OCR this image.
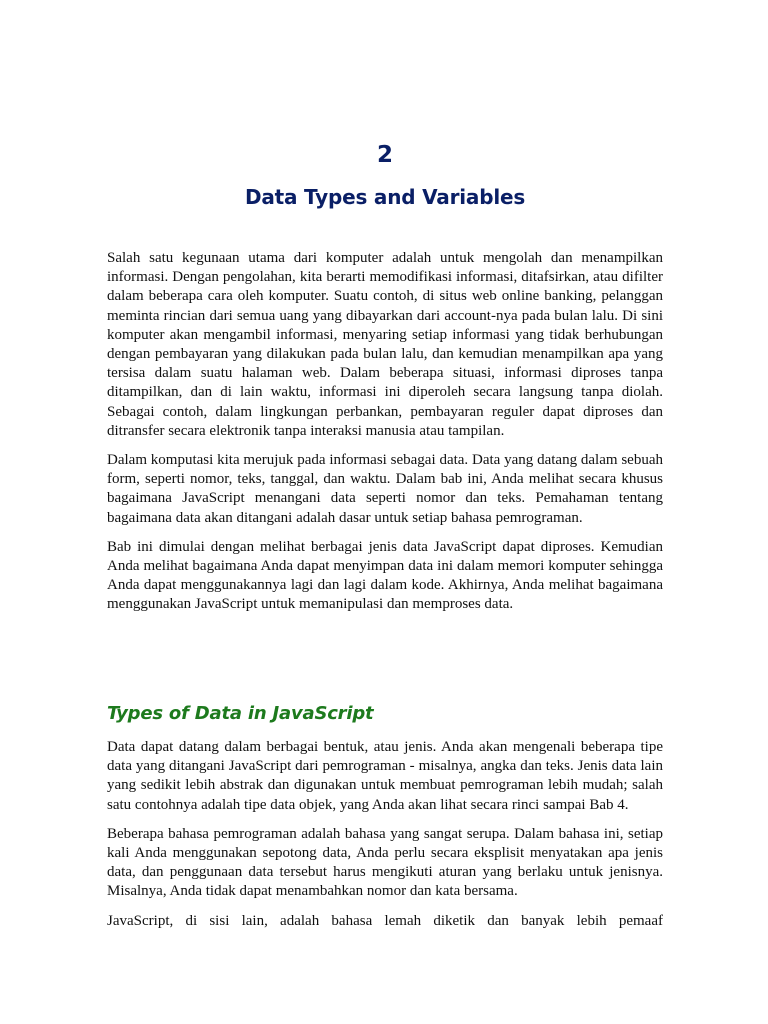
2
Data Types and Variables

Salah satu kegunaan utama dari komputer adalah untuk mengolah dan menampilkan informasi. Dengan pengolahan, kita berarti memodifikasi informasi, ditafsirkan, atau difilter dalam beberapa cara oleh komputer. Suatu contoh, di situs web online banking, pelanggan meminta rincian dari semua uang yang dibayarkan dari account-nya pada bulan lalu. Di sini komputer akan mengambil informasi, menyaring setiap informasi yang tidak berhubungan dengan pembayaran yang dilakukan pada bulan lalu, dan kemudian menampilkan apa yang tersisa dalam suatu halaman web. Dalam beberapa situasi, informasi diproses tanpa ditampilkan, dan di lain waktu, informasi ini diperoleh secara langsung tanpa diolah. Sebagai contoh, dalam lingkungan perbankan, pembayaran reguler dapat diproses dan ditransfer secara elektronik tanpa interaksi manusia atau tampilan.

Dalam komputasi kita merujuk pada informasi sebagai data. Data yang datang dalam sebuah form, seperti nomor, teks, tanggal, dan waktu. Dalam bab ini, Anda melihat secara khusus bagaimana JavaScript menangani data seperti nomor dan teks. Pemahaman tentang bagaimana data akan ditangani adalah dasar untuk setiap bahasa pemrograman.

Bab ini dimulai dengan melihat berbagai jenis data JavaScript dapat diproses. Kemudian Anda melihat bagaimana Anda dapat menyimpan data ini dalam memori komputer sehingga Anda dapat menggunakannya lagi dan lagi dalam kode. Akhirnya, Anda melihat bagaimana menggunakan JavaScript untuk memanipulasi dan memproses data.

Types of Data in JavaScript

Data dapat datang dalam berbagai bentuk, atau jenis. Anda akan mengenali beberapa tipe data yang ditangani JavaScript dari pemrograman - misalnya, angka dan teks. Jenis data lain yang sedikit lebih abstrak dan digunakan untuk membuat pemrograman lebih mudah; salah satu contohnya adalah tipe data objek, yang Anda akan lihat secara rinci sampai Bab 4.

Beberapa bahasa pemrograman adalah bahasa yang sangat serupa. Dalam bahasa ini, setiap kali Anda menggunakan sepotong data, Anda perlu secara eksplisit menyatakan apa jenis data, dan penggunaan data tersebut harus mengikuti aturan yang berlaku untuk jenisnya. Misalnya, Anda tidak dapat menambahkan nomor dan kata bersama.

JavaScript, di sisi lain, adalah bahasa lemah diketik dan banyak lebih pemaaf
